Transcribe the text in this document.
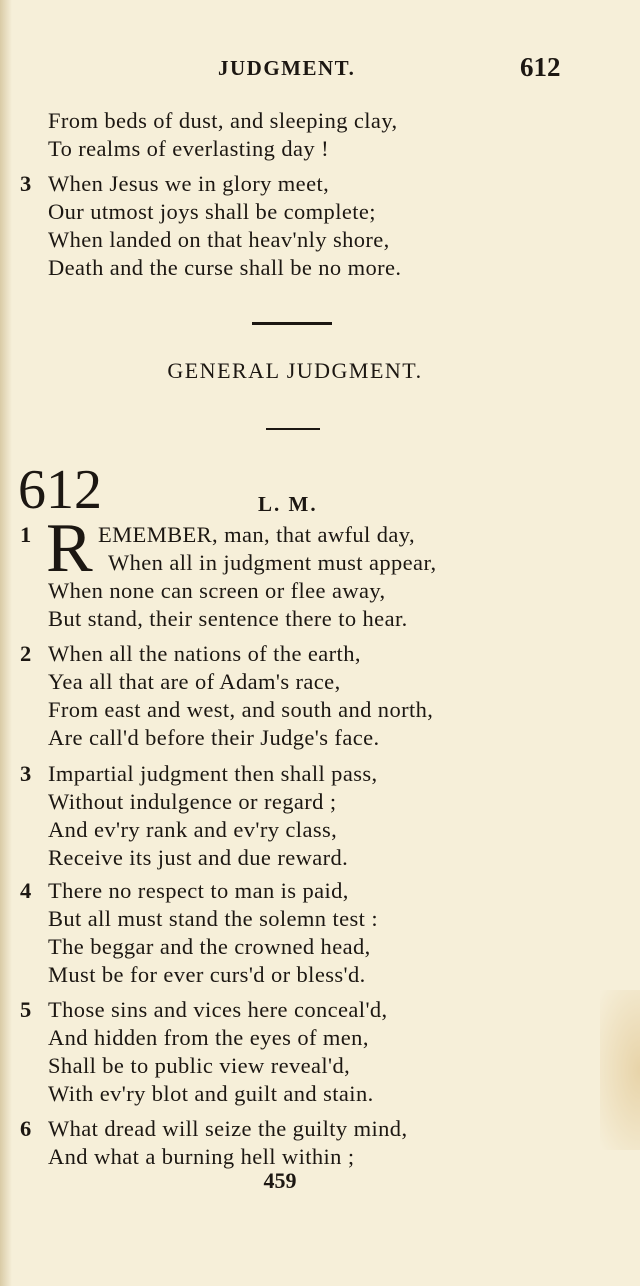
JUDGMENT.	612
From beds of dust, and sleeping clay,
To realms of everlasting day !
3 When Jesus we in glory meet,
Our utmost joys shall be complete;
When landed on that heav'nly shore,
Death and the curse shall be no more.
GENERAL JUDGMENT.
612	L. M.
1 R EMEMBER, man, that awful day,
When all in judgment must appear,
When none can screen or flee away,
But stand, their sentence there to hear.
2 When all the nations of the earth,
Yea all that are of Adam's race,
From east and west, and south and north,
Are call'd before their Judge's face.
3 Impartial judgment then shall pass,
Without indulgence or regard ;
And ev'ry rank and ev'ry class,
Receive its just and due reward.
4 There no respect to man is paid,
But all must stand the solemn test :
The beggar and the crowned head,
Must be for ever curs'd or bless'd.
5 Those sins and vices here conceal'd,
And hidden from the eyes of men,
Shall be to public view reveal'd,
With ev'ry blot and guilt and stain.
6 What dread will seize the guilty mind,
And what a burning hell within ;
459
